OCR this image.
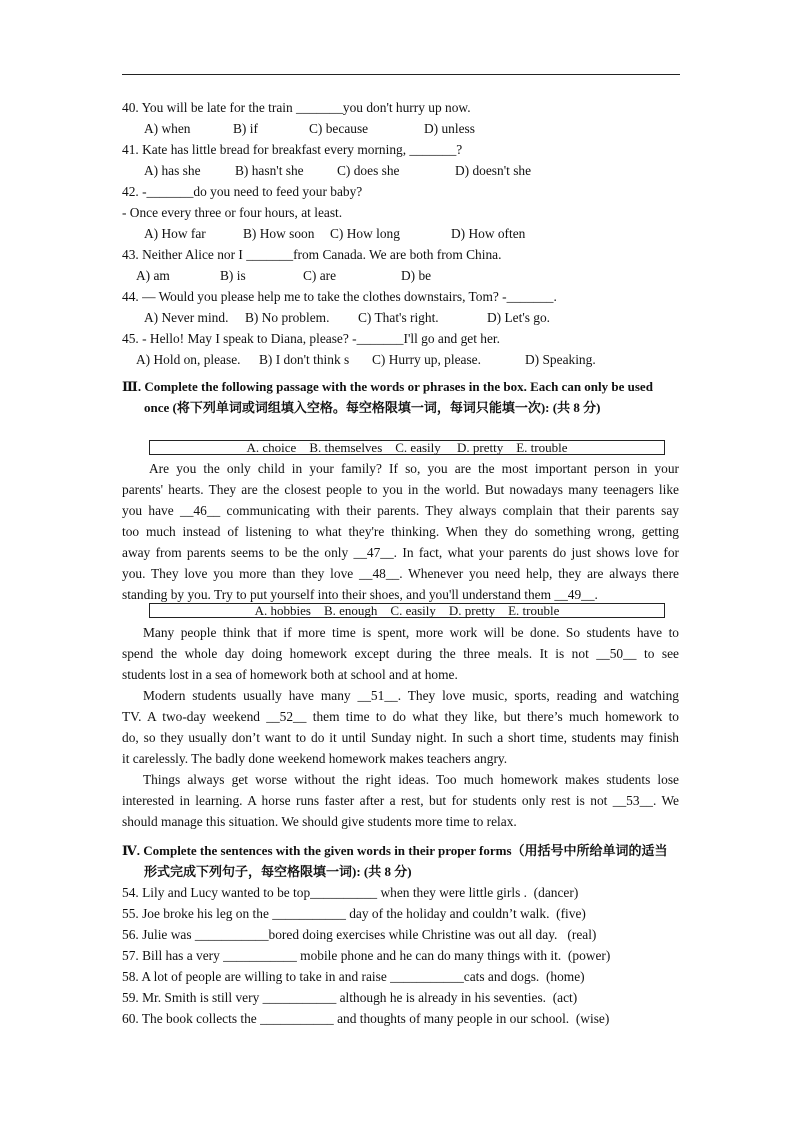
40. You will be late for the train _______you don't hurry up now.
A) when	B) if	C) because	D) unless
41. Kate has little bread for breakfast every morning, _______?
A) has she	B) hasn't she C) does she	D) doesn't she
42. -_______do you need to feed your baby?
- Once every three or four hours, at least.
A) How far	B) How soon C) How long	D) How often
43. Neither Alice nor I _______from Canada. We are both from China.
A) am	B) is	C) are	D) be
44. — Would you please help me to take the clothes downstairs, Tom? -_______.
A) Never mind. B) No problem. C) That's right.	D) Let's go.
45. - Hello! May I speak to Diana, please? -_______I'll go and get her.
A) Hold on, please. B) I don't think s C) Hurry up, please.	D) Speaking.
Ⅲ. Complete the following passage with the words or phrases in the box. Each can only be used
once (将下列单词或词组填入空格。每空格限填一词，每词只能填一次): (共 8 分)
A. choice    B. themselves    C. easily     D. pretty    E. trouble
Are you the only child in your family? If so, you are the most important person in your
parents' hearts. They are the closest people to you in the world. But nowadays many teenagers like
you have __46__ communicating with their parents. They always complain that their parents say
too much instead of listening to what they're thinking. When they do something wrong, getting
away from parents seems to be the only __47__. In fact, what your parents do just shows love for
you. They love you more than they love __48__. Whenever you need help, they are always there
standing by you. Try to put yourself into their shoes, and you'll understand them __49__.
A. hobbies    B. enough    C. easily    D. pretty    E. trouble
Many people think that if more time is spent, more work will be done. So students have to
spend the whole day doing homework except during the three meals. It is not __50__ to see
students lost in a sea of homework both at school and at home.
Modern students usually have many __51__. They love music, sports, reading and watching
TV. A two-day weekend __52__ them time to do what they like, but there’s much homework to
do, so they usually don’t want to do it until Sunday night. In such a short time, students may finish
it carelessly. The badly done weekend homework makes teachers angry.
Things always get worse without the right ideas. Too much homework makes students lose
interested in learning. A horse runs faster after a rest, but for students only rest is not __53__. We
should manage this situation. We should give students more time to relax.
Ⅳ. Complete the sentences with the given words in their proper forms（用括号中所给单词的适当
形式完成下列句子，每空格限填一词): (共 8 分)
54. Lily and Lucy wanted to be top__________ when they were little girls .  (dancer)
55. Joe broke his leg on the ___________ day of the holiday and couldn’t walk.  (five)
56. Julie was ___________bored doing exercises while Christine was out all day.   (real)
57. Bill has a very ___________ mobile phone and he can do many things with it.  (power)
58. A lot of people are willing to take in and raise ___________cats and dogs.  (home)
59. Mr. Smith is still very ___________ although he is already in his seventies.  (act)
60. The book collects the ___________ and thoughts of many people in our school.  (wise)
